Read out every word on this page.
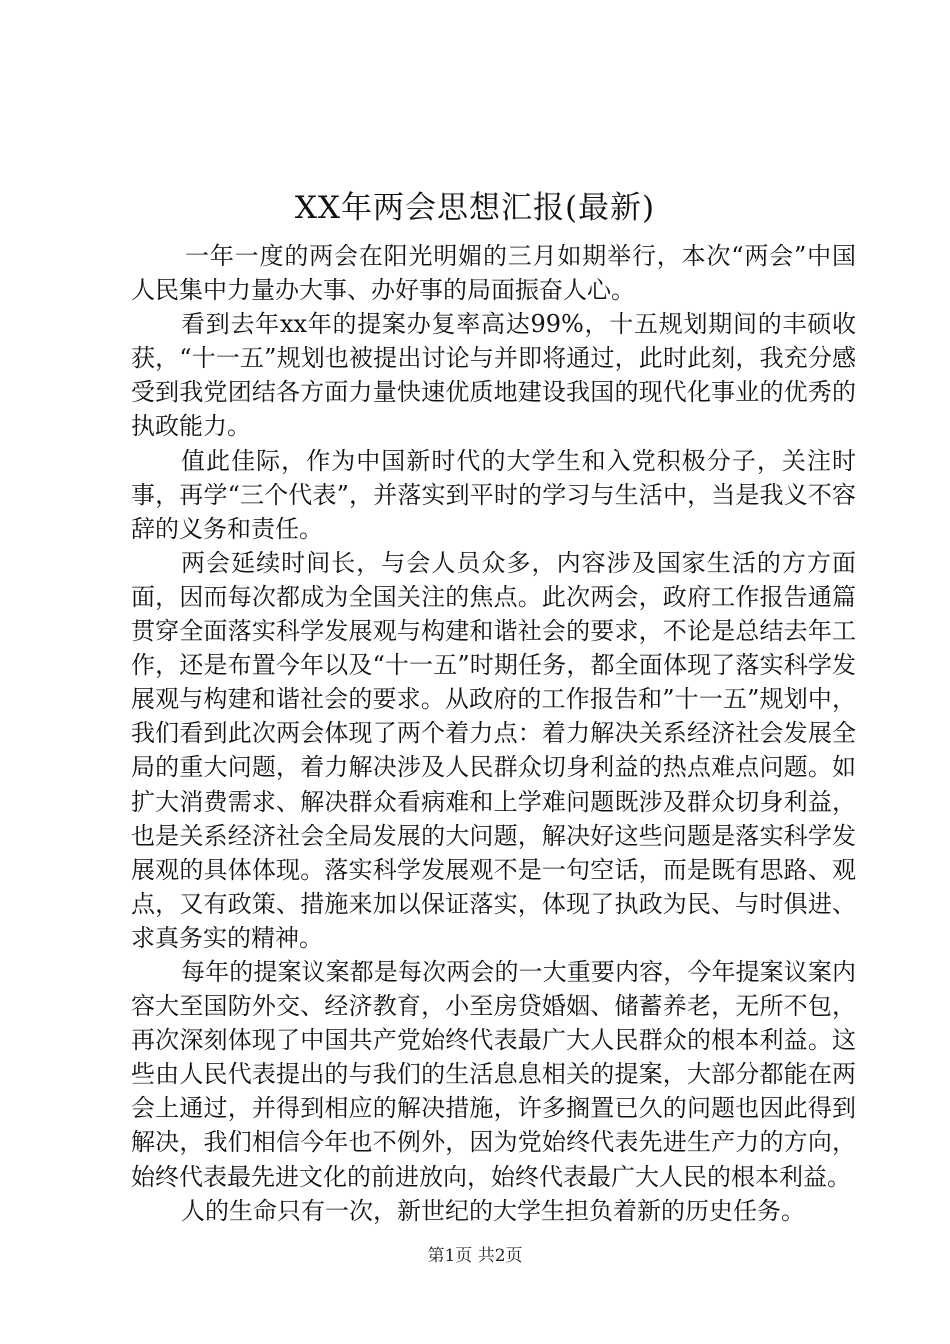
XX年两会思想汇报(最新)

一年一度的两会在阳光明媚的三月如期举行，本次“两会”中国人民集中力量办大事、办好事的局面振奋人心。

看到去年xx年的提案办复率高达99%，十五规划期间的丰硕收获，“十一五”规划也被提出讨论与并即将通过，此时此刻，我充分感受到我党团结各方面力量快速优质地建设我国的现代化事业的优秀的执政能力。

值此佳际，作为中国新时代的大学生和入党积极分子，关注时事，再学“三个代表”，并落实到平时的学习与生活中，当是我义不容辞的义务和责任。

两会延续时间长，与会人员众多，内容涉及国家生活的方方面面，因而每次都成为全国关注的焦点。此次两会，政府工作报告通篇贯穿全面落实科学发展观与构建和谐社会的要求，不论是总结去年工作，还是布置今年以及“十一五”时期任务，都全面体现了落实科学发展观与构建和谐社会的要求。从政府的工作报告和”十一五”规划中，我们看到此次两会体现了两个着力点：着力解决关系经济社会发展全局的重大问题，着力解决涉及人民群众切身利益的热点难点问题。如扩大消费需求、解决群众看病难和上学难问题既涉及群众切身利益，也是关系经济社会全局发展的大问题，解决好这些问题是落实科学发展观的具体体现。落实科学发展观不是一句空话，而是既有思路、观点，又有政策、措施来加以保证落实，体现了执政为民、与时俱进、求真务实的精神。

每年的提案议案都是每次两会的一大重要内容，今年提案议案内容大至国防外交、经济教育，小至房贷婚姻、储蓄养老，无所不包，再次深刻体现了中国共产党始终代表最广大人民群众的根本利益。这些由人民代表提出的与我们的生活息息相关的提案，大部分都能在两会上通过，并得到相应的解决措施，许多搁置已久的问题也因此得到解决，我们相信今年也不例外，因为党始终代表先进生产力的方向，始终代表最先进文化的前进放向，始终代表最广大人民的根本利益。

人的生命只有一次，新世纪的大学生担负着新的历史任务。

第1页 共2页
